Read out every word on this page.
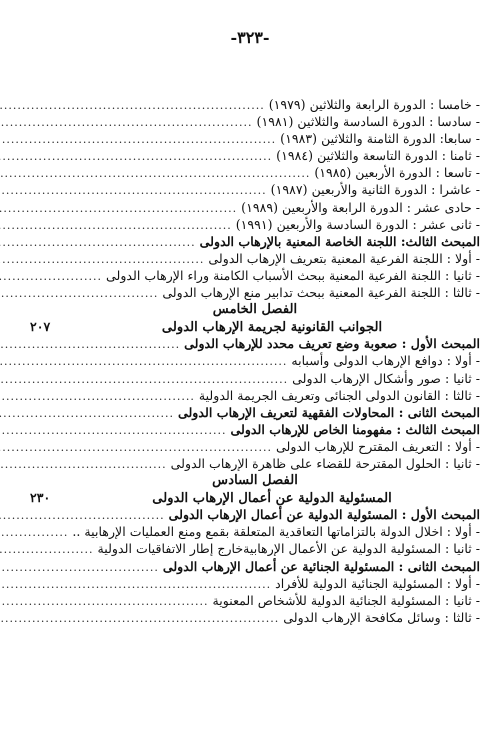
-٣٢٣-
- خامسا : الدورة الرابعة والثلاثين (١٩٧٩)
.....
- سادسا : الدورة السادسة والثلاثين (١٩٨١)
.....
- سابعا: الدورة الثامنة والثلاثين (١٩٨٣)
.....
- ثامنا : الدورة التاسعة والثلاثين (١٩٨٤)
.....
- تاسعا : الدورة الأربعين (١٩٨٥)
.....
- عاشرا : الدورة الثانية والأربعين (١٩٨٧)
.....
- حادى عشر : الدورة الرابعة والأربعين (١٩٨٩)
.....
- ثانى عشر : الدورة السادسة والأربعين (١٩٩١)
.....
المبحث الثالث: اللجنة الخاصة المعنية بالإرهاب الدولى
.....
- أولا : اللجنة الفرعية المعنية بتعريف الإرهاب الدولى
.....
- ثانيا : اللجنة الفرعية المعنية ببحث الأسباب الكامنة وراء الإرهاب الدولى
.....
- ثالثا : اللجنة الفرعية المعنية ببحث تدابير منع الإرهاب الدولى
.....
الفصل الخامس
الجوانب القانونية لجريمة الإرهاب الدولى
٢٠٧
المبحث الأول : صعوبة وضع تعريف محدد للإرهاب الدولى
.....
- أولا : دوافع الإرهاب الدولى وأسبابه
.....
- ثانيا : صور وأشكال الإرهاب الدولى
.....
- ثالثا : القانون الدولى الجنائى وتعريف الجريمة الدولية
.....
المبحث الثانى : المحاولات الفقهية لتعريف الإرهاب الدولى
.....
المبحث الثالث : مفهومنا الخاص للإرهاب الدولى
.....
- أولا : التعريف المقترح للإرهاب الدولى
.....
- ثانيا : الحلول المقترحة للقضاء على ظاهرة الإرهاب الدولى
.....
الفصل السادس
المسئولية الدولية عن أعمال الإرهاب الدولى
٢٣٠
المبحث الأول : المسئولية الدولية عن أعمال الإرهاب الدولى
.....
- أولا : اخلال الدولة بالتزاماتها التعاقدية المتعلقة بقمع ومنع العمليات الإرهابية ..
.....
- ثانيا : المسئولية الدولية عن الأعمال الإرهابيةخارج إطار الاتفاقيات الدولية
.....
المبحث الثانى : المسئولية الجنائية عن أعمال الإرهاب الدولى
.....
- أولا : المسئولية الجنائية الدولية للأفراد
.....
- ثانيا : المسئولية الجنائية الدولية للأشخاص المعنوية
.....
- ثالثا : وسائل مكافحة الإرهاب الدولى
.....
